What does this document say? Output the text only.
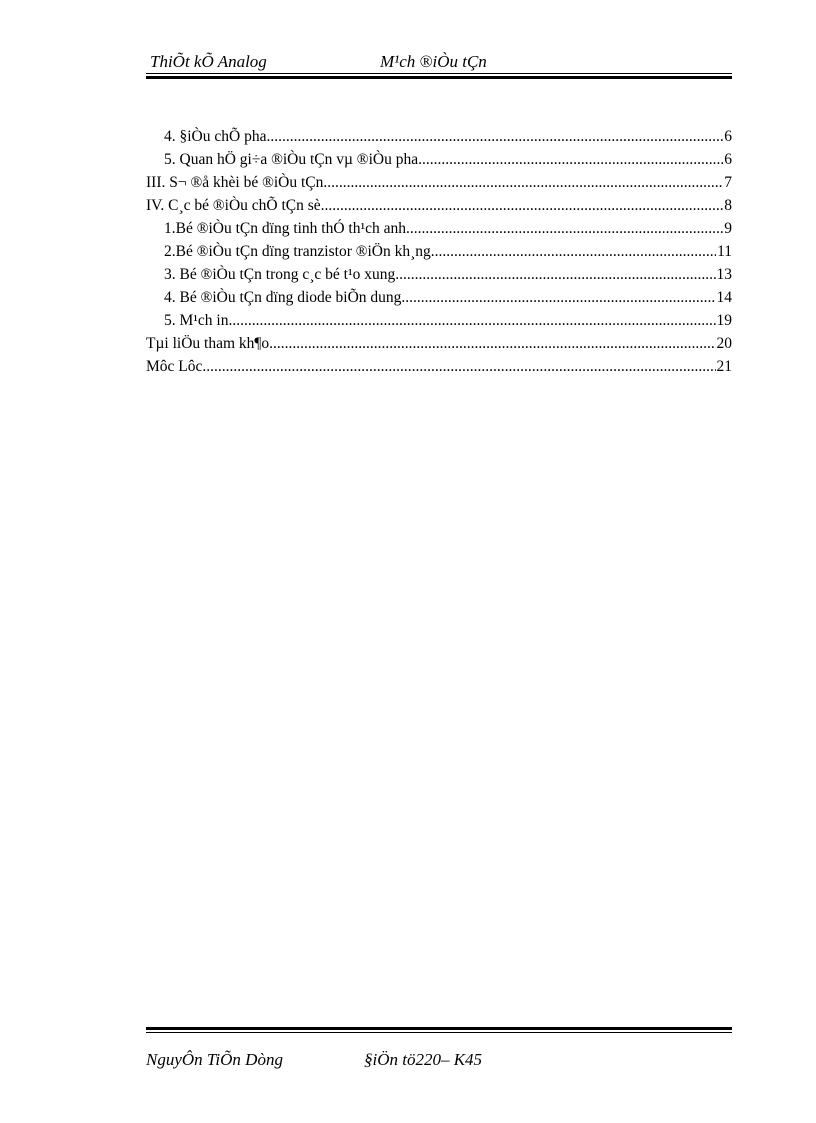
ThiÕt kÕ Analog	M¹ch ®iÒu tÇn
4. §iÒu chÕ pha. .....	6
5. Quan hÖ gi÷a ®iÒu tÇn vµ ®iÒu pha. .....	6
III. S¬ ®å khèi bé ®iÒu tÇn. .....	7
IV. C¸c bé ®iÒu chÕ tÇn sè. .....	8
1.Bé ®iÒu tÇn dïng tinh thÓ th¹ch anh. .....	9
2.Bé ®iÒu tÇn dïng tranzistor ®iÖn kh¸ng. .....	11
3. Bé ®iÒu tÇn trong c¸c bé t¹o xung. .....	13
4. Bé ®iÒu tÇn dïng diode biÕn dung. .....	14
5. M¹ch in. .....	19
Tµi liÖu tham kh¶o. .....	20
Môc Lôc. .....	21
NguyÔn TiÕn Dòng	§iÖn tö220– K45
